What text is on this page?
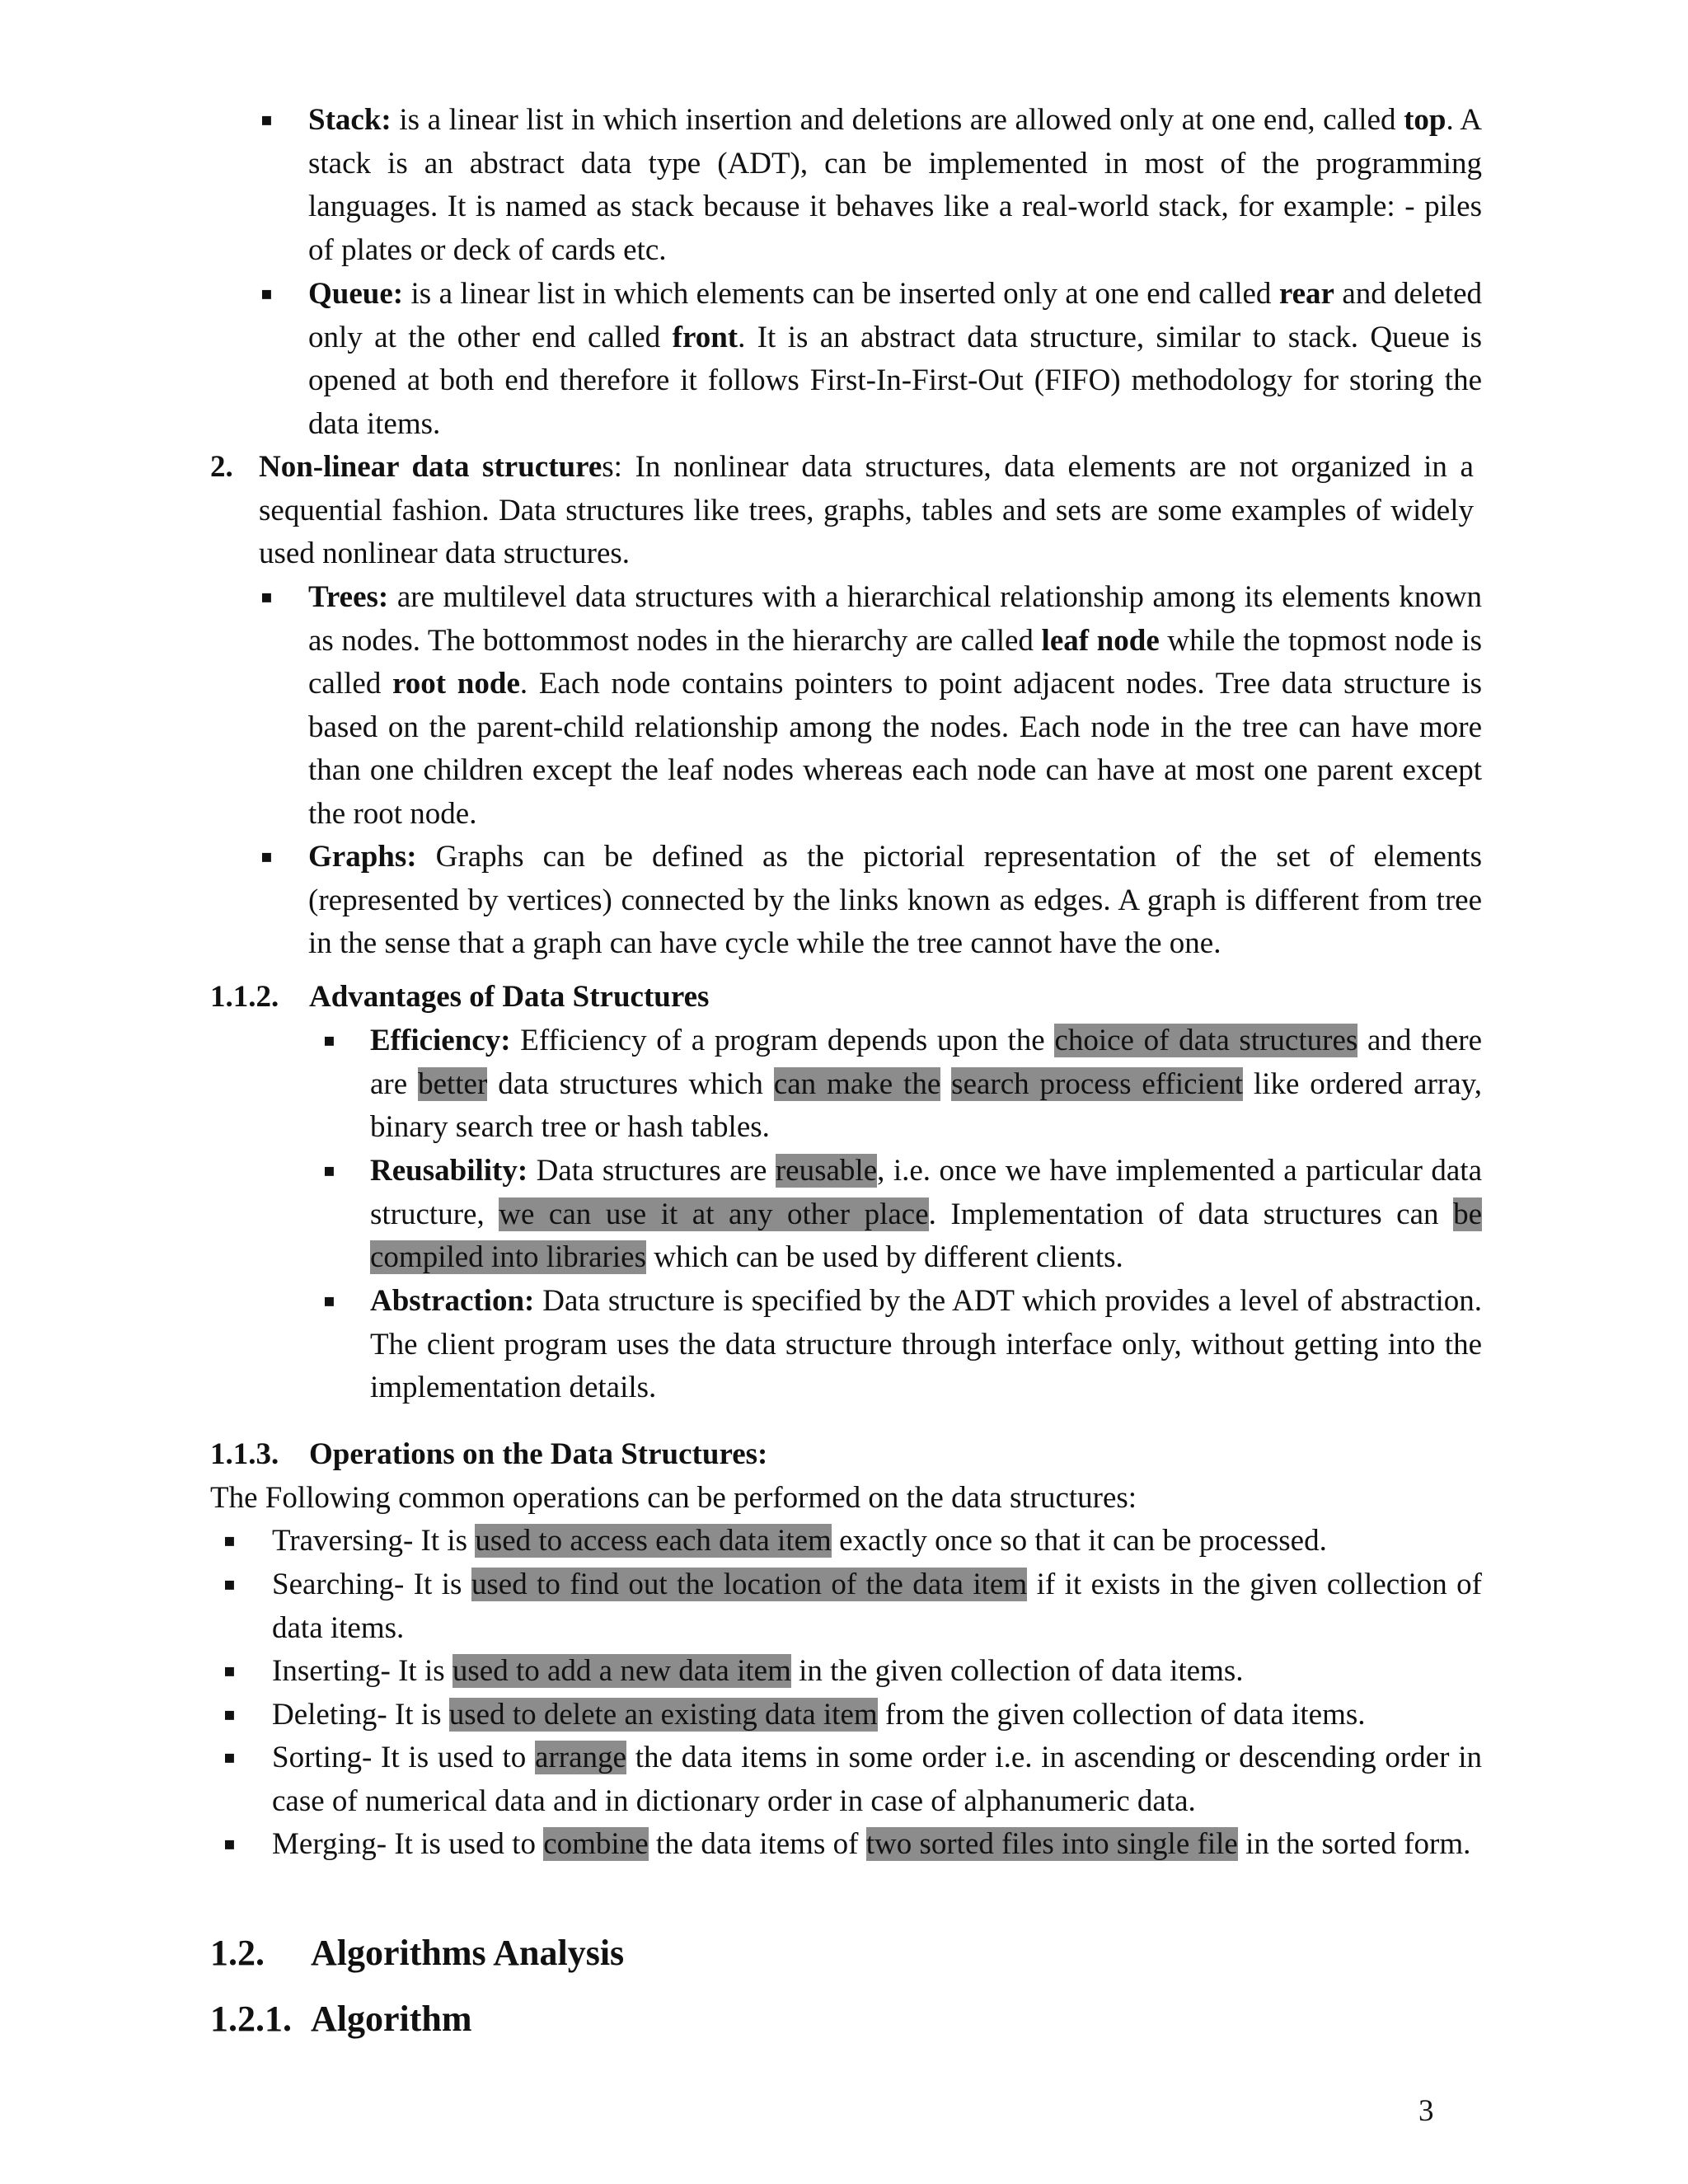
▪ Stack: is a linear list in which insertion and deletions are allowed only at one end, called top. A stack is an abstract data type (ADT), can be implemented in most of the programming languages. It is named as stack because it behaves like a real-world stack, for example: - piles of plates or deck of cards etc.
▪ Queue: is a linear list in which elements can be inserted only at one end called rear and deleted only at the other end called front. It is an abstract data structure, similar to stack. Queue is opened at both end therefore it follows First-In-First-Out (FIFO) methodology for storing the data items.
2. Non-linear data structures: In nonlinear data structures, data elements are not organized in a sequential fashion. Data structures like trees, graphs, tables and sets are some examples of widely used nonlinear data structures.
▪ Trees: are multilevel data structures with a hierarchical relationship among its elements known as nodes. The bottommost nodes in the hierarchy are called leaf node while the topmost node is called root node. Each node contains pointers to point adjacent nodes. Tree data structure is based on the parent-child relationship among the nodes. Each node in the tree can have more than one children except the leaf nodes whereas each node can have at most one parent except the root node.
▪ Graphs: Graphs can be defined as the pictorial representation of the set of elements (represented by vertices) connected by the links known as edges. A graph is different from tree in the sense that a graph can have cycle while the tree cannot have the one.
1.1.2. Advantages of Data Structures
▪ Efficiency: Efficiency of a program depends upon the choice of data structures and there are better data structures which can make the search process efficient like ordered array, binary search tree or hash tables.
▪ Reusability: Data structures are reusable, i.e. once we have implemented a particular data structure, we can use it at any other place. Implementation of data structures can be compiled into libraries which can be used by different clients.
▪ Abstraction: Data structure is specified by the ADT which provides a level of abstraction. The client program uses the data structure through interface only, without getting into the implementation details.
1.1.3. Operations on the Data Structures:
The Following common operations can be performed on the data structures:
▪ Traversing- It is used to access each data item exactly once so that it can be processed.
▪ Searching- It is used to find out the location of the data item if it exists in the given collection of data items.
▪ Inserting- It is used to add a new data item in the given collection of data items.
▪ Deleting- It is used to delete an existing data item from the given collection of data items.
▪ Sorting- It is used to arrange the data items in some order i.e. in ascending or descending order in case of numerical data and in dictionary order in case of alphanumeric data.
▪ Merging- It is used to combine the data items of two sorted files into single file in the sorted form.
1.2. Algorithms Analysis
1.2.1. Algorithm
3
